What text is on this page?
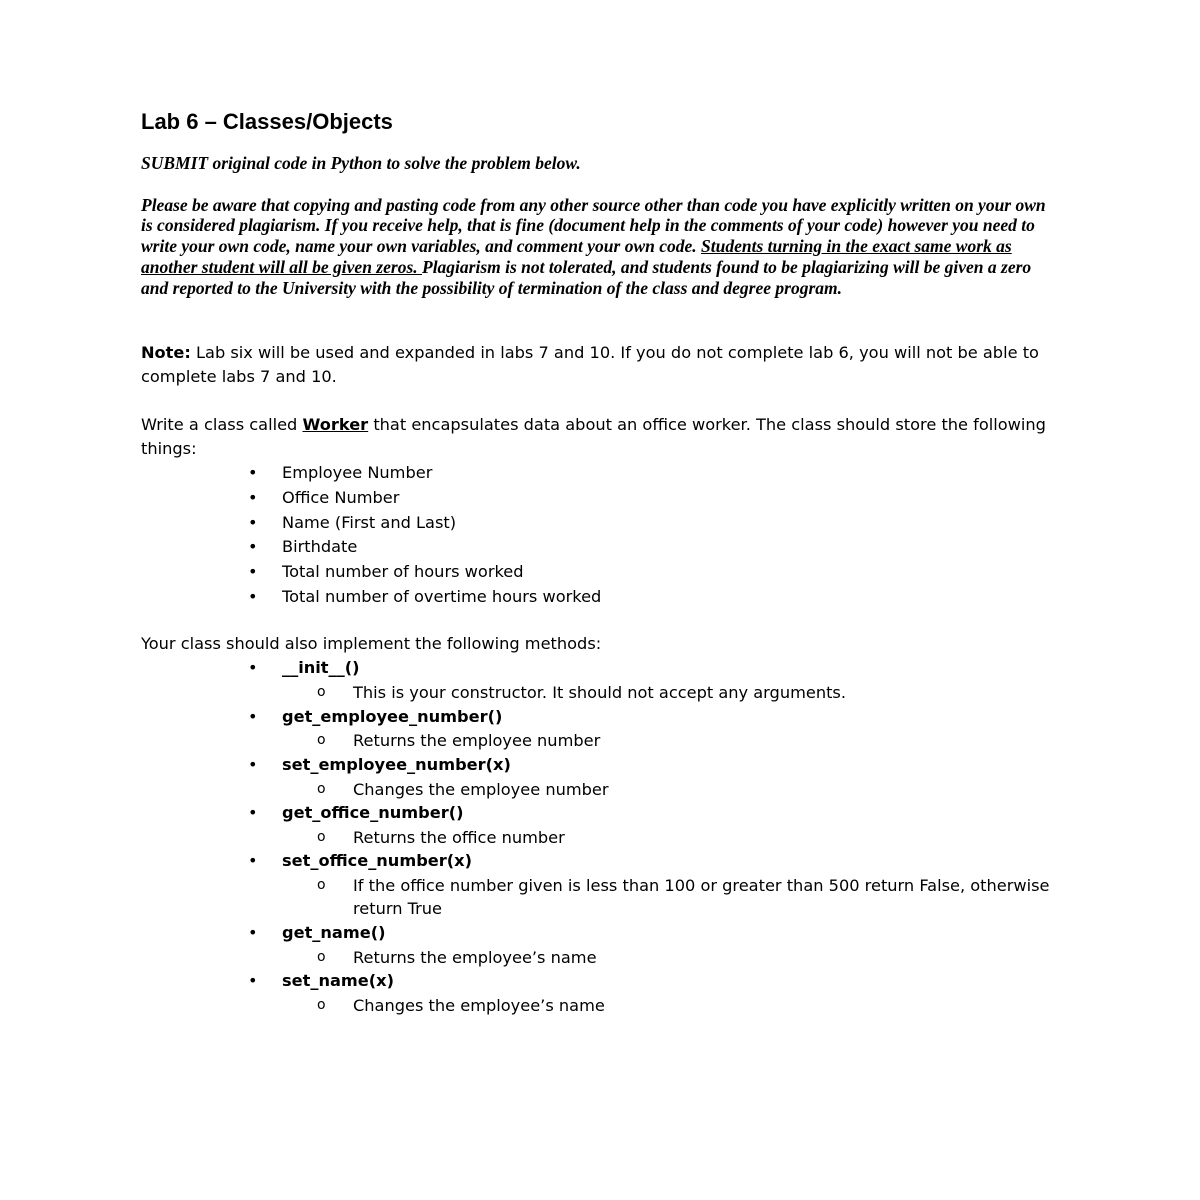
Lab 6 – Classes/Objects

SUBMIT original code in Python to solve the problem below.

Please be aware that copying and pasting code from any other source other than code you have explicitly written on your own is considered plagiarism. If you receive help, that is fine (document help in the comments of your code) however you need to write your own code, name your own variables, and comment your own code. Students turning in the exact same work as another student will all be given zeros. Plagiarism is not tolerated, and students found to be plagiarizing will be given a zero and reported to the University with the possibility of termination of the class and degree program.

Note: Lab six will be used and expanded in labs 7 and 10. If you do not complete lab 6, you will not be able to complete labs 7 and 10.

Write a class called Worker that encapsulates data about an office worker. The class should store the following things:

• Employee Number
• Office Number
• Name (First and Last)
• Birthdate
• Total number of hours worked
• Total number of overtime hours worked

Your class should also implement the following methods:

• __init__()
o This is your constructor. It should not accept any arguments.
• get_employee_number()
o Returns the employee number
• set_employee_number(x)
o Changes the employee number
• get_office_number()
o Returns the office number
• set_office_number(x)
o If the office number given is less than 100 or greater than 500 return False, otherwise return True
• get_name()
o Returns the employee’s name
• set_name(x)
o Changes the employee’s name
